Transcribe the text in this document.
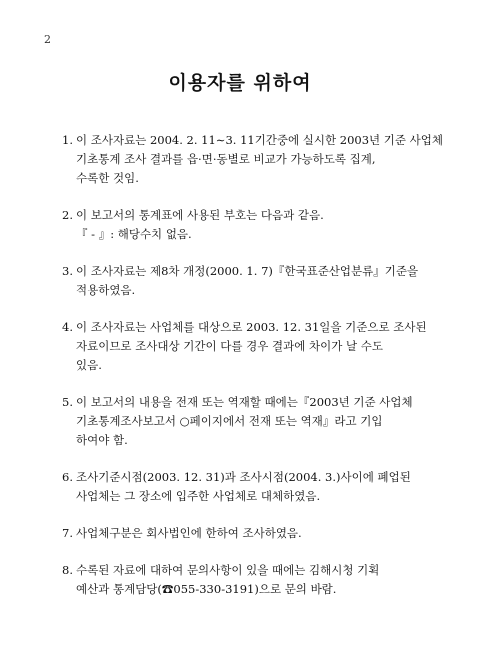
2
이용자를 위하여
1. 이 조사자료는 2004. 2. 11∼3. 11기간중에 실시한 2003년 기준 사업체
기초통계 조사 결과를 읍·면·동별로 비교가 가능하도록 집계,
수록한 것임.
2. 이 보고서의 통계표에 사용된 부호는 다음과 같음.
『 - 』: 해당수치 없음.
3. 이 조사자료는 제8차 개정(2000. 1. 7)『한국표준산업분류』기준을
적용하였음.
4. 이 조사자료는 사업체를 대상으로 2003. 12. 31일을 기준으로 조사된
자료이므로 조사대상 기간이 다를 경우 결과에 차이가 날 수도
있음.
5. 이 보고서의 내용을 전재 또는 역재할 때에는『2003년 기준 사업체
기초통계조사보고서 ○페이지에서 전재 또는 역재』라고 기입
하여야 함.
6. 조사기준시점(2003. 12. 31)과 조사시점(2004. 3.)사이에 폐업된
사업체는 그 장소에 입주한 사업체로 대체하였음.
7. 사업체구분은 회사법인에 한하여 조사하였음.
8. 수록된 자료에 대하여 문의사항이 있을 때에는 김해시청 기획
예산과 통계담당(☎055-330-3191)으로 문의 바람.
